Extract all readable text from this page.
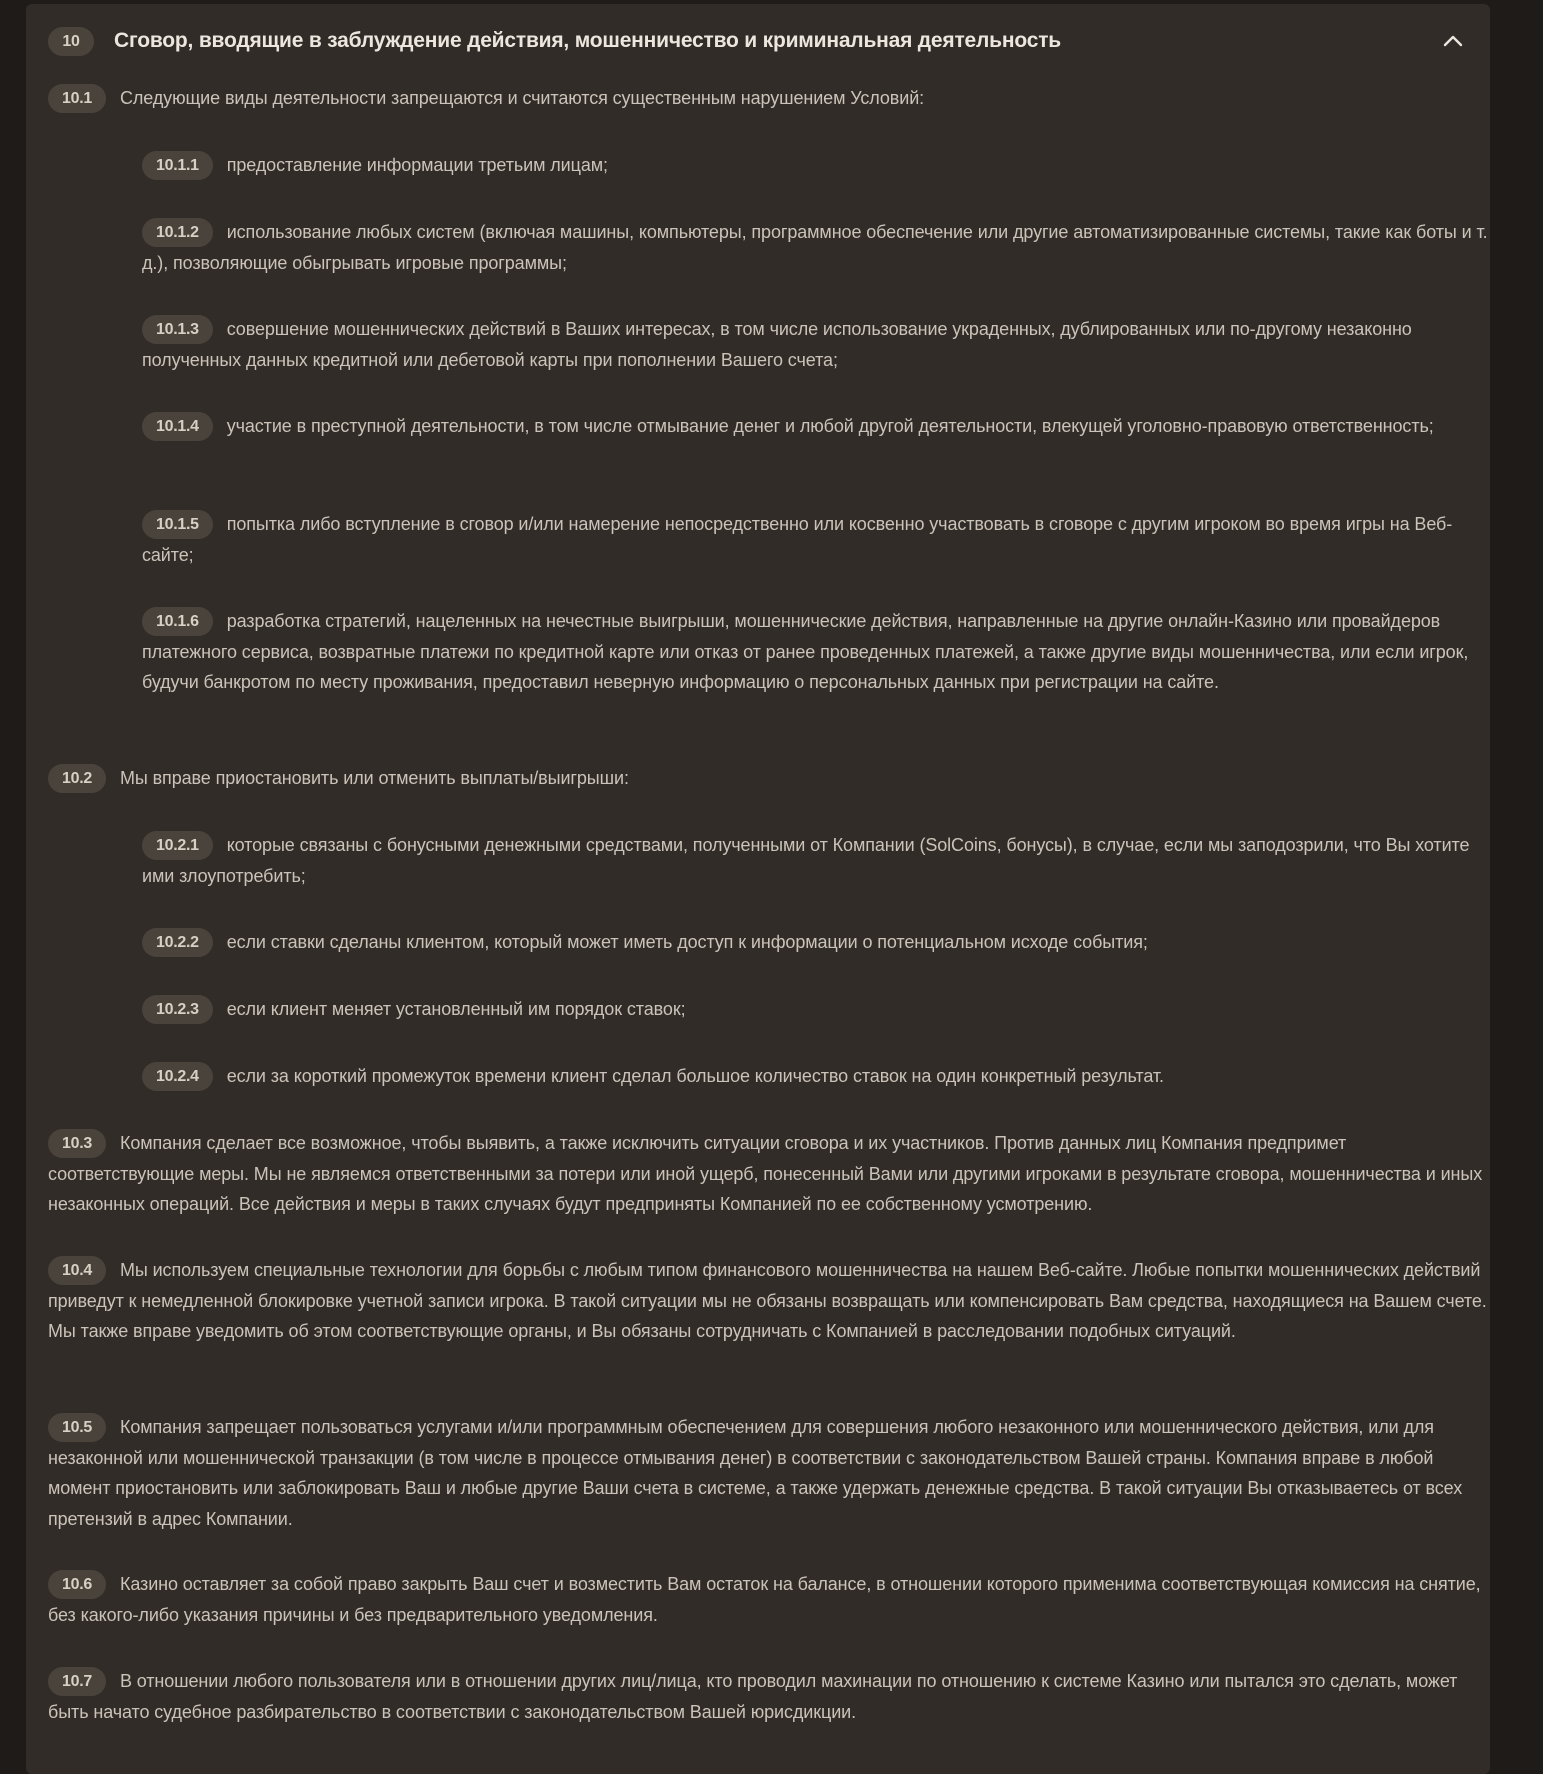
10	Сговор, вводящие в заблуждение действия, мошенничество и криминальная деятельность

10.1 Следующие виды деятельности запрещаются и считаются существенным нарушением Условий:

10.1.1 предоставление информации третьим лицам;

10.1.2 использование любых систем (включая машины, компьютеры, программное обеспечение или другие автоматизированные системы, такие как боты и т. д.), позволяющие обыгрывать игровые программы;

10.1.3 совершение мошеннических действий в Ваших интересах, в том числе использование украденных, дублированных или по-другому незаконно полученных данных кредитной или дебетовой карты при пополнении Вашего счета;

10.1.4 участие в преступной деятельности, в том числе отмывание денег и любой другой деятельности, влекущей уголовно-правовую ответственность;

10.1.5 попытка либо вступление в сговор и/или намерение непосредственно или косвенно участвовать в сговоре с другим игроком во время игры на Веб-сайте;

10.1.6 разработка стратегий, нацеленных на нечестные выигрыши, мошеннические действия, направленные на другие онлайн-Казино или провайдеров платежного сервиса, возвратные платежи по кредитной карте или отказ от ранее проведенных платежей, а также другие виды мошенничества, или если игрок, будучи банкротом по месту проживания, предоставил неверную информацию о персональных данных при регистрации на сайте.

10.2 Мы вправе приостановить или отменить выплаты/выигрыши:

10.2.1 которые связаны с бонусными денежными средствами, полученными от Компании (SolCoins, бонусы), в случае, если мы заподозрили, что Вы хотите ими злоупотребить;

10.2.2 если ставки сделаны клиентом, который может иметь доступ к информации о потенциальном исходе события;

10.2.3 если клиент меняет установленный им порядок ставок;

10.2.4 если за короткий промежуток времени клиент сделал большое количество ставок на один конкретный результат.

10.3 Компания сделает все возможное, чтобы выявить, а также исключить ситуации сговора и их участников. Против данных лиц Компания предпримет соответствующие меры. Мы не являемся ответственными за потери или иной ущерб, понесенный Вами или другими игроками в результате сговора, мошенничества и иных незаконных операций. Все действия и меры в таких случаях будут предприняты Компанией по ее собственному усмотрению.

10.4 Мы используем специальные технологии для борьбы с любым типом финансового мошенничества на нашем Веб-сайте. Любые попытки мошеннических действий приведут к немедленной блокировке учетной записи игрока. В такой ситуации мы не обязаны возвращать или компенсировать Вам средства, находящиеся на Вашем счете. Мы также вправе уведомить об этом соответствующие органы, и Вы обязаны сотрудничать с Компанией в расследовании подобных ситуаций.

10.5 Компания запрещает пользоваться услугами и/или программным обеспечением для совершения любого незаконного или мошеннического действия, или для незаконной или мошеннической транзакции (в том числе в процессе отмывания денег) в соответствии с законодательством Вашей страны. Компания вправе в любой момент приостановить или заблокировать Ваш и любые другие Ваши счета в системе, а также удержать денежные средства. В такой ситуации Вы отказываетесь от всех претензий в адрес Компании.

10.6 Казино оставляет за собой право закрыть Ваш счет и возместить Вам остаток на балансе, в отношении которого применима соответствующая комиссия на снятие, без какого-либо указания причины и без предварительного уведомления.

10.7 В отношении любого пользователя или в отношении других лиц/лица, кто проводил махинации по отношению к системе Казино или пытался это сделать, может быть начато судебное разбирательство в соответствии с законодательством Вашей юрисдикции.
